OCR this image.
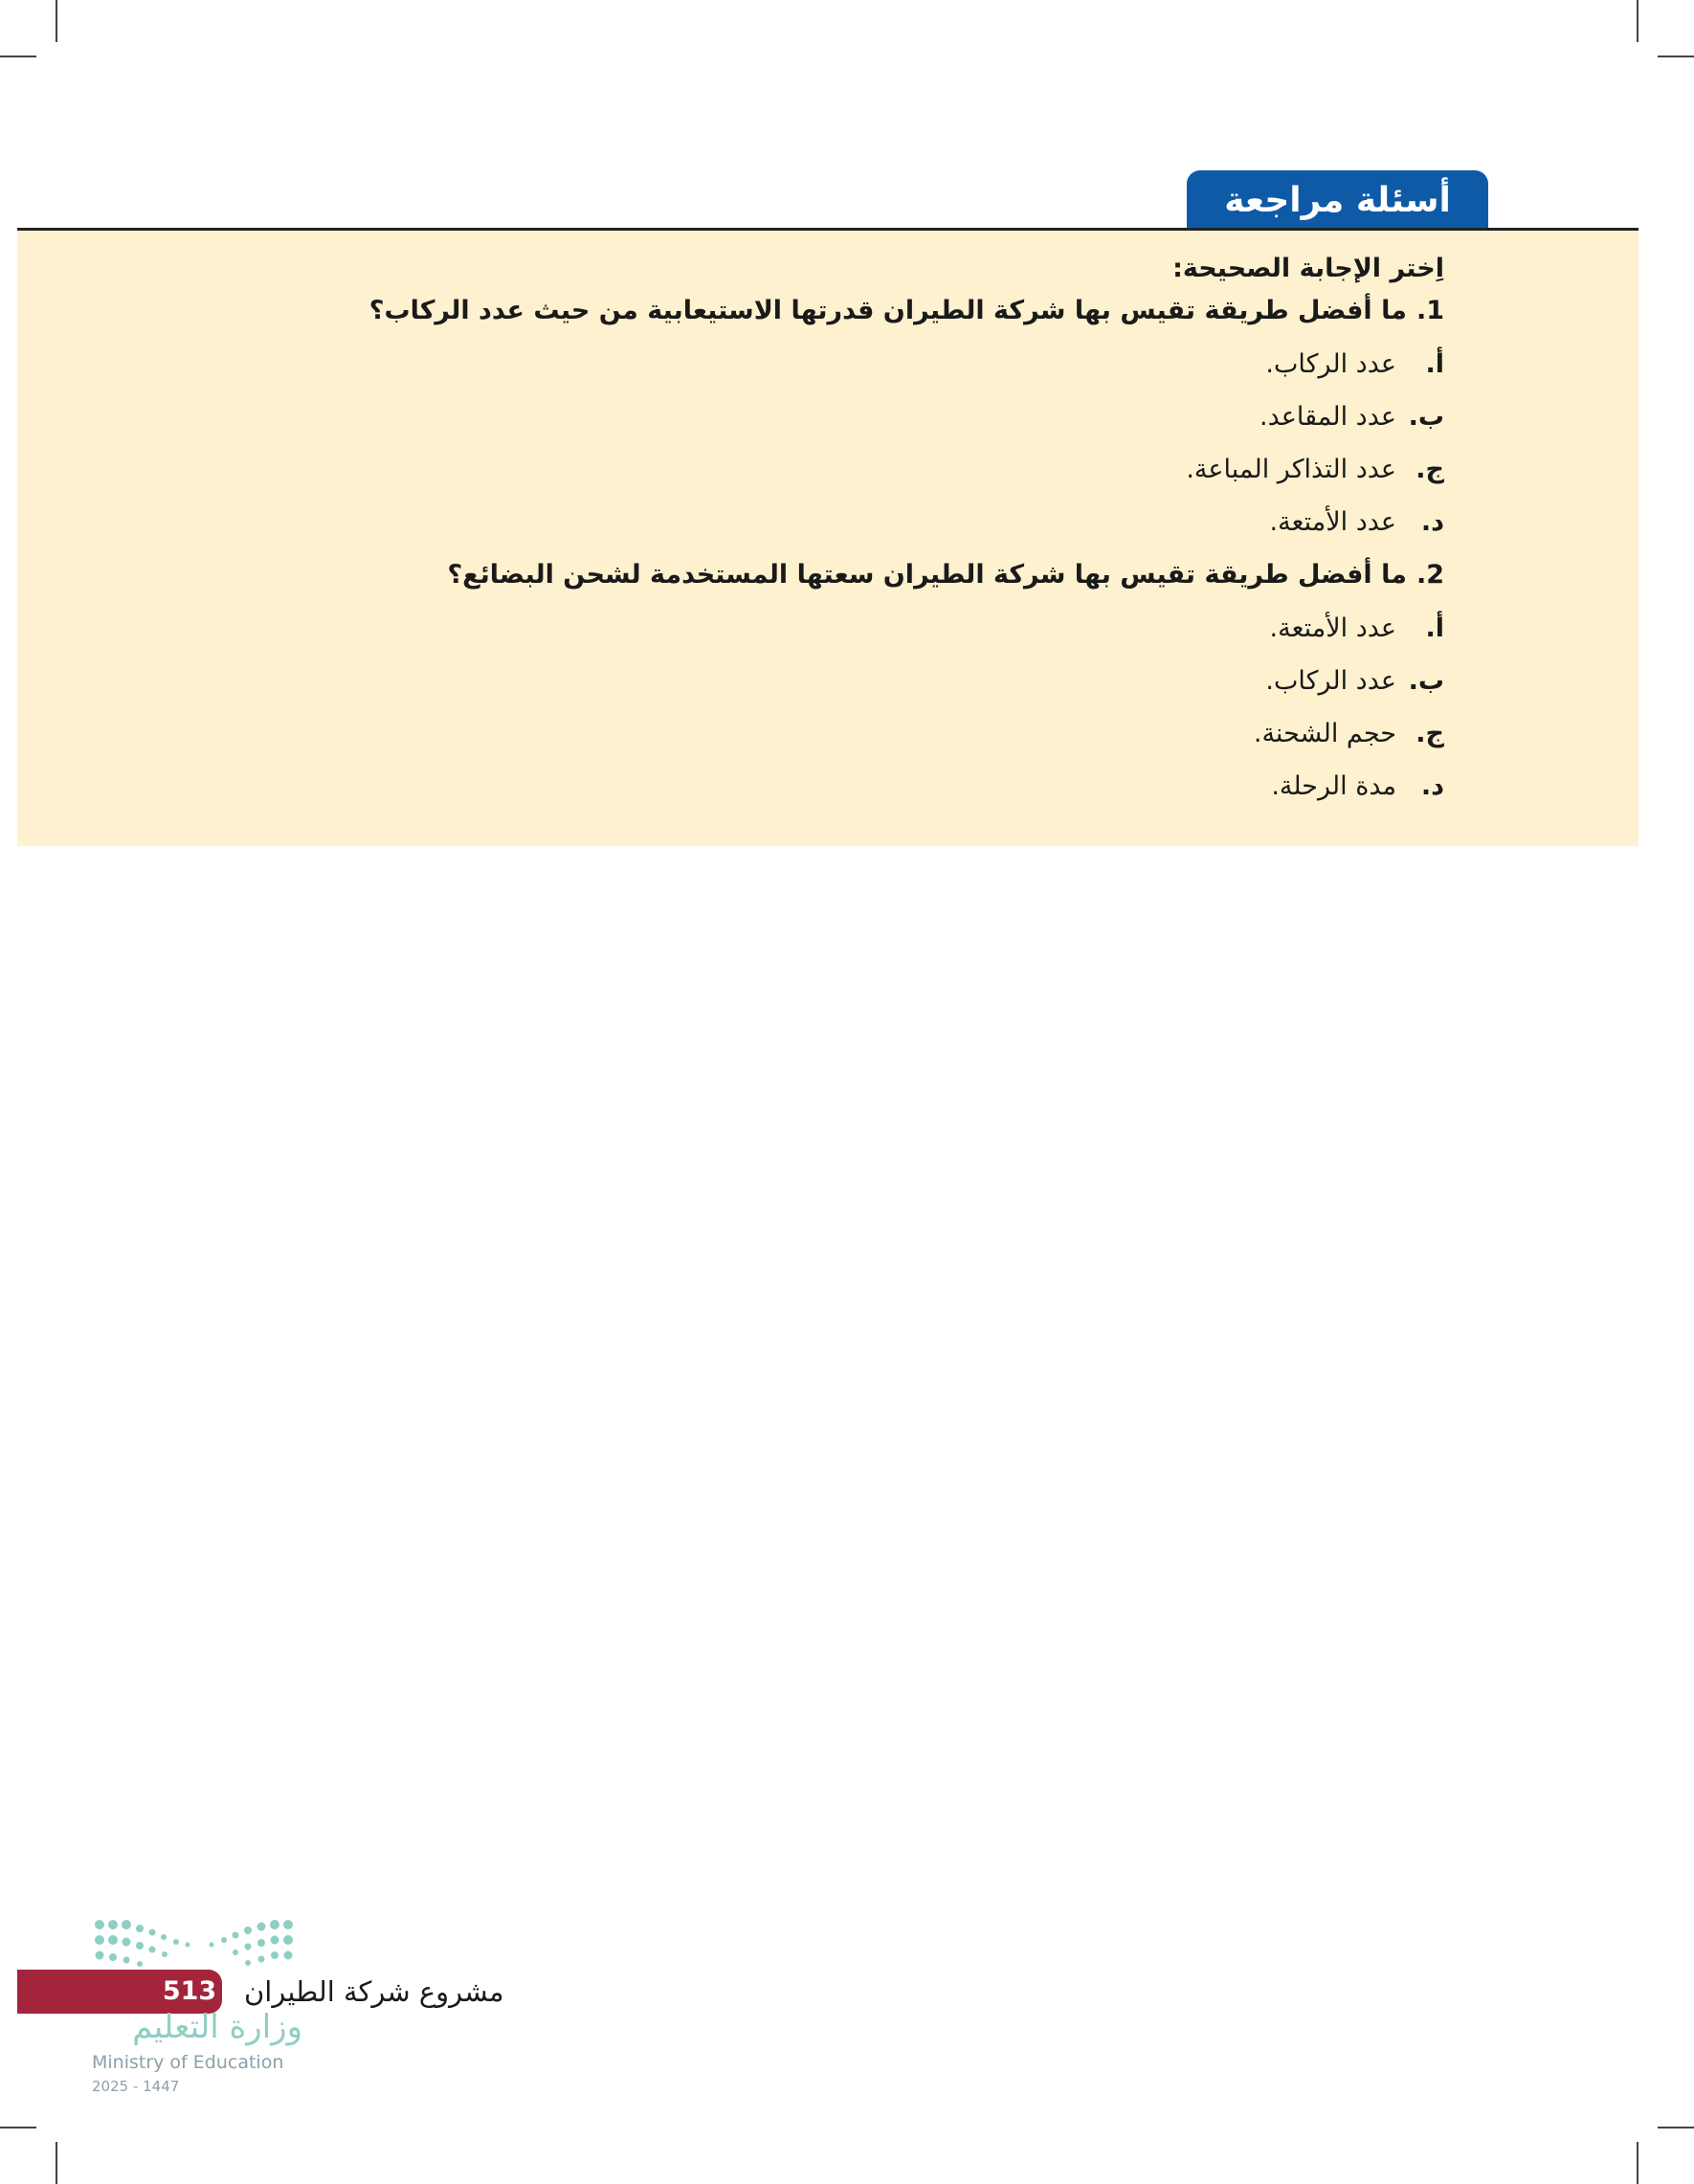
أسئلة مراجعة
اِختر الإجابة الصحيحة:
1.ما أفضل طريقة تقيس بها شركة الطيران قدرتها الاستيعابية من حيث عدد الركاب؟
أ.
عدد الركاب.
ب.
عدد المقاعد.
ج.
عدد التذاكر المباعة.
د.
عدد الأمتعة.
2.ما أفضل طريقة تقيس بها شركة الطيران سعتها المستخدمة لشحن البضائع؟
أ.
عدد الأمتعة.
ب.
عدد الركاب.
ج.
حجم الشحنة.
د.
مدة الرحلة.
513 مشروع شركة الطيران
وزارة التعليم
Ministry of Education
2025 - 1447
